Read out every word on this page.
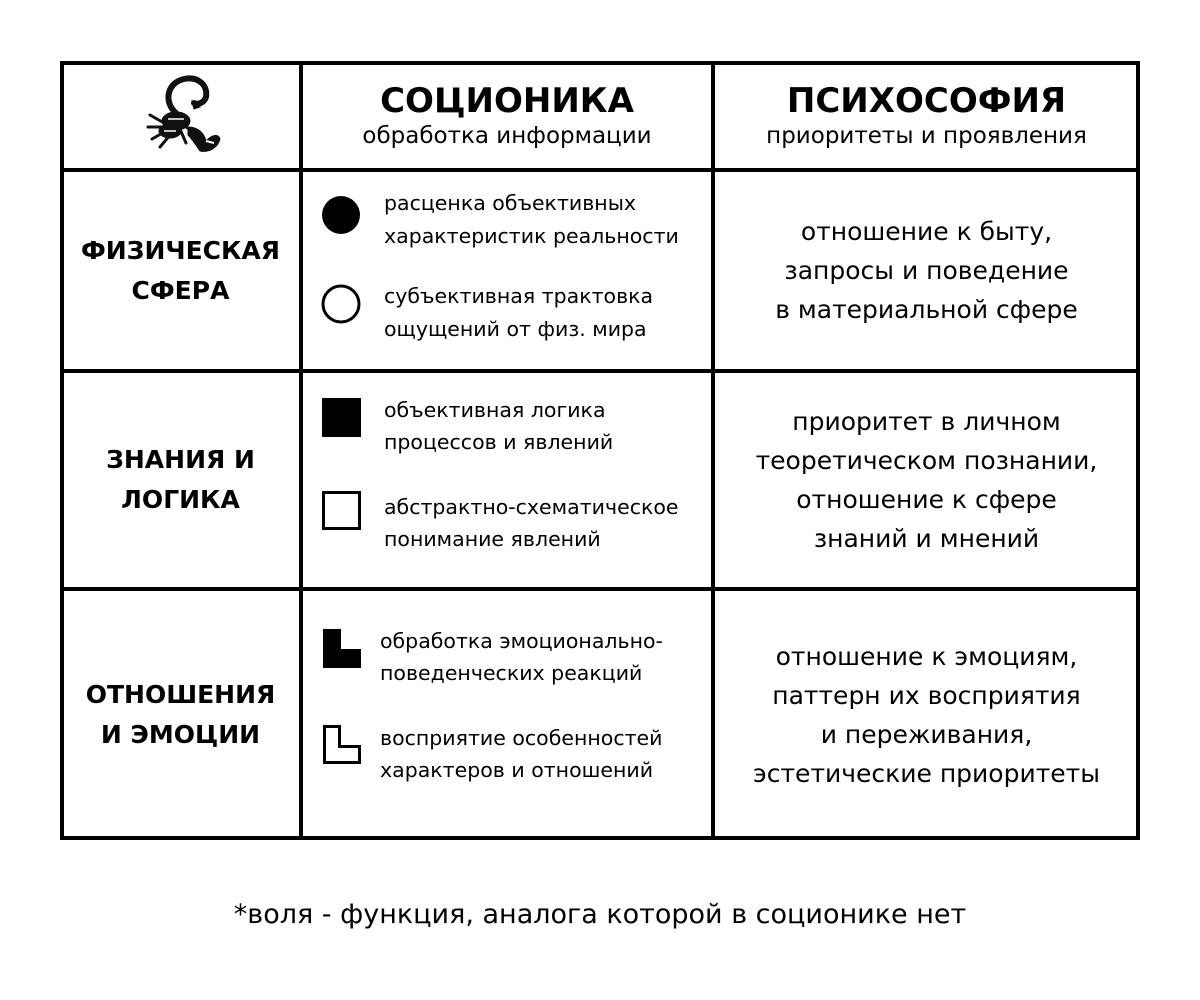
СОЦИОНИКА
обработка информации
ПСИХОСОФИЯ
приоритеты и проявления
ФИЗИЧЕСКАЯ
СФЕРА
расценка объективных
характеристик реальности
субъективная трактовка
ощущений от физ. мира
отношение к быту,
запросы и поведение
в материальной сфере
ЗНАНИЯ И
ЛОГИКА
объективная логика
процессов и явлений
абстрактно-схематическое
понимание явлений
приоритет в личном
теоретическом познании,
отношение к сфере
знаний и мнений
ОТНОШЕНИЯ
И ЭМОЦИИ
обработка эмоционально-
поведенческих реакций
восприятие особенностей
характеров и отношений
отношение к эмоциям,
паттерн их восприятия
и переживания,
эстетические приоритеты
*воля - функция, аналога которой в соционике нет
